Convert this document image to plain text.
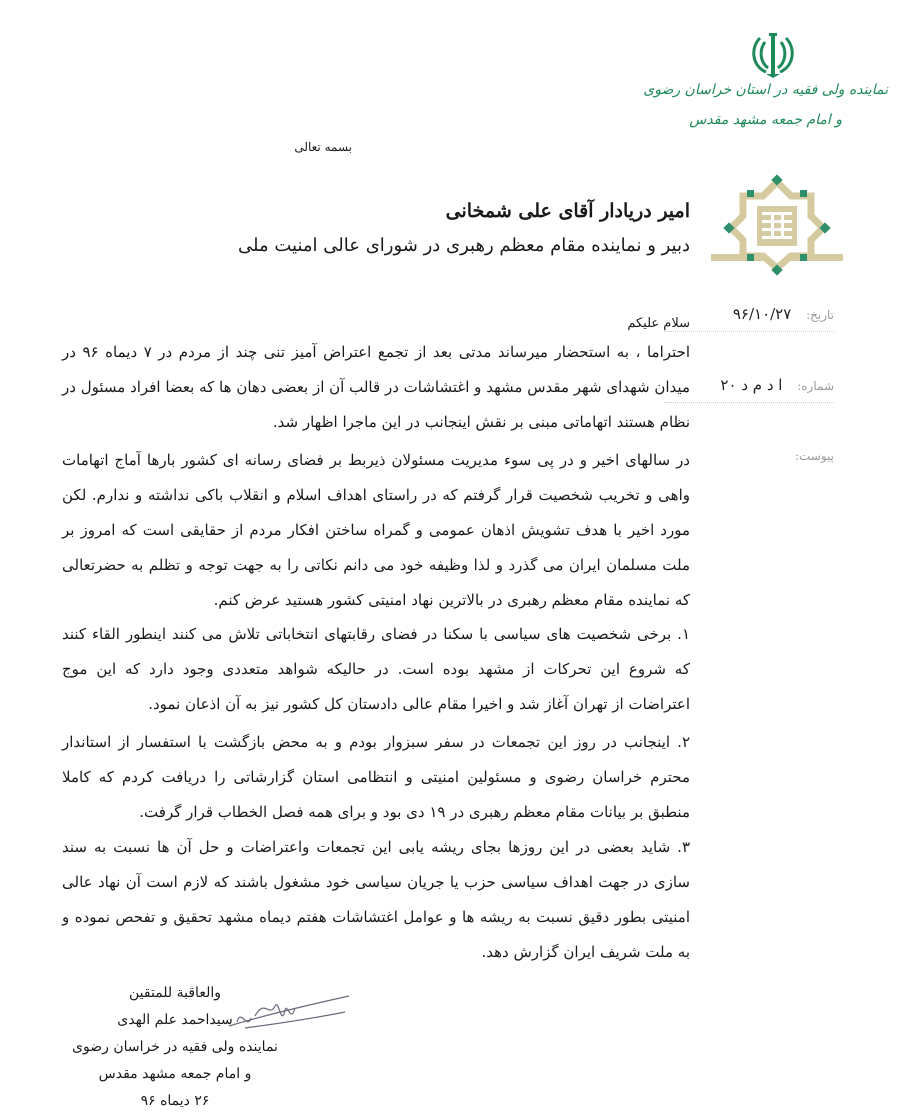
نماینده ولی فقیه در استان خراسان رضوی
و امام جمعه مشهد مقدس
تاریخ: ۹۶/۱۰/۲۷
شماره: ا د م د ۲۰
پیوست:
بسمه تعالی
امیر دریادار آقای علی شمخانی
دبیر و نماینده مقام معظم رهبری در شورای عالی امنیت ملی
سلام علیکم
احتراما ، به استحضار میرساند مدتی بعد از تجمع اعتراض آمیز تنی چند از مردم در ۷ دیماه ۹۶ در میدان شهدای شهر مقدس مشهد و اغتشاشات در قالب آن از بعضی دهان ها که بعضا افراد مسئول در نظام هستند اتهاماتی مبنی بر نقش اینجانب در این ماجرا اظهار شد.
در سالهای اخیر و در پی سوء مدیریت مسئولان ذیربط بر فضای رسانه ای کشور بارها آماج اتهامات واهی و تخریب شخصیت قرار گرفتم که در راستای اهداف اسلام و انقلاب باکی نداشته و ندارم. لکن مورد اخیر با هدف تشویش اذهان عمومی و گمراه ساختن افکار مردم از حقایقی است که امروز بر ملت مسلمان ایران می گذرد و لذا وظیفه خود می دانم نکاتی را به جهت توجه و تظلم به حضرتعالی که نماینده مقام معظم رهبری در بالاترین نهاد امنیتی کشور هستید عرض کنم.
۱. برخی شخصیت های سیاسی با سکنا در فضای رقابتهای انتخاباتی تلاش می کنند اینطور القاء کنند که شروع این تحرکات از مشهد بوده است. در حالیکه شواهد متعددی وجود دارد که این موج اعتراضات از تهران آغاز شد و اخیرا مقام عالی دادستان کل کشور نیز به آن اذعان نمود.
۲. اینجانب در روز این تجمعات در سفر سبزوار بودم و به محض بازگشت با استفسار از استاندار محترم خراسان رضوی و مسئولین امنیتی و انتظامی استان گزارشاتی را دریافت کردم که کاملا منطبق بر بیانات مقام معظم رهبری در ۱۹ دی بود و برای همه فصل الخطاب قرار گرفت.
۳. شاید بعضی در این روزها بجای ریشه یابی این تجمعات واعتراضات و حل آن ها نسبت به سند سازی در جهت اهداف سیاسی حزب یا جریان سیاسی خود مشغول باشند که لازم است آن نهاد عالی امنیتی بطور دقیق نسبت به ریشه ها و عوامل اغتشاشات هفتم دیماه مشهد تحقیق و تفحص نموده و به ملت شریف ایران گزارش دهد.
والعاقبة للمتقین
سیداحمد علم الهدی
نماینده ولی فقیه در خراسان رضوی
و امام جمعه مشهد مقدس
۲۶ دیماه ۹۶
